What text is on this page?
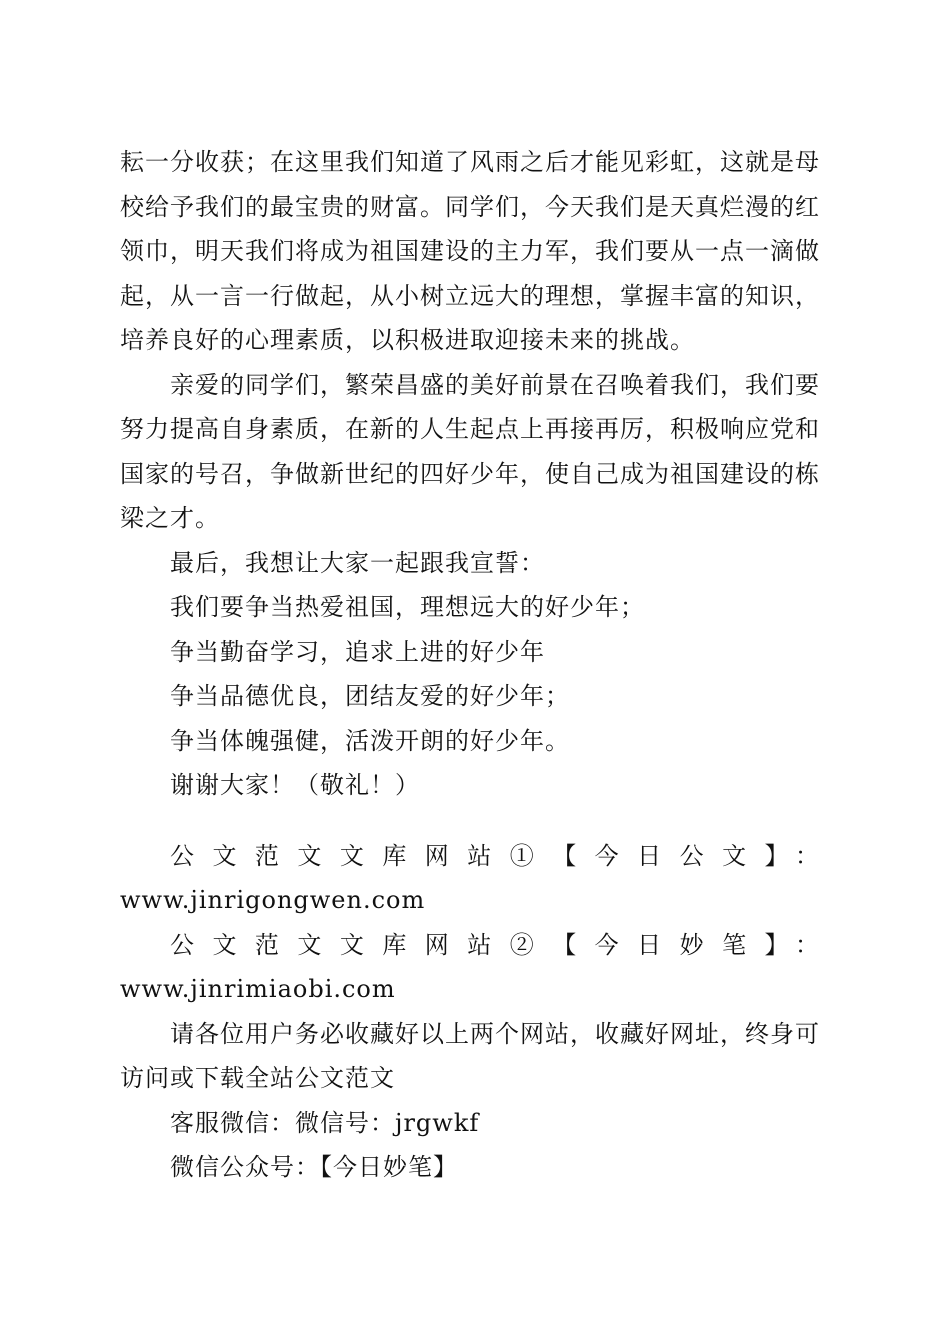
耘一分收获；在这里我们知道了风雨之后才能见彩虹，这就是母校给予我们的最宝贵的财富。同学们，今天我们是天真烂漫的红领巾，明天我们将成为祖国建设的主力军，我们要从一点一滴做起，从一言一行做起，从小树立远大的理想，掌握丰富的知识，培养良好的心理素质，以积极进取迎接未来的挑战。

亲爱的同学们，繁荣昌盛的美好前景在召唤着我们，我们要努力提高自身素质，在新的人生起点上再接再厉，积极响应党和国家的号召，争做新世纪的四好少年，使自己成为祖国建设的栋梁之才。

最后，我想让大家一起跟我宣誓：

我们要争当热爱祖国，理想远大的好少年；

争当勤奋学习，追求上进的好少年

争当品德优良，团结友爱的好少年；

争当体魄强健，活泼开朗的好少年。

谢谢大家！（敬礼！）

公文范文文库网站①【今日公文】：

www.jinrigongwen.com

公文范文文库网站②【今日妙笔】：www.jinrimiaobi.com

请各位用户务必收藏好以上两个网站，收藏好网址，终身可访问或下载全站公文范文

客服微信：微信号：jrgwkf

微信公众号：【今日妙笔】
